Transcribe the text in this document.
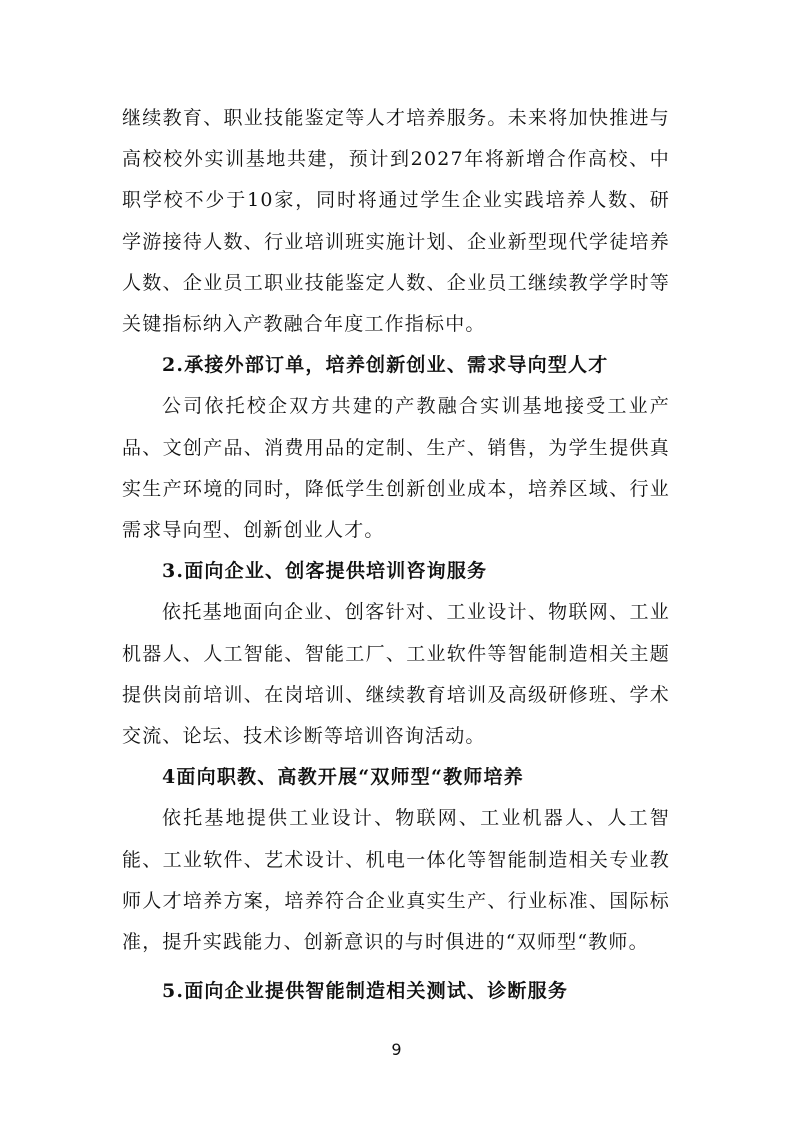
继续教育、职业技能鉴定等人才培养服务。未来将加快推进与高校校外实训基地共建，预计到2027年将新增合作高校、中职学校不少于10家，同时将通过学生企业实践培养人数、研学游接待人数、行业培训班实施计划、企业新型现代学徒培养人数、企业员工职业技能鉴定人数、企业员工继续教学学时等关键指标纳入产教融合年度工作指标中。

2.承接外部订单，培养创新创业、需求导向型人才

公司依托校企双方共建的产教融合实训基地接受工业产品、文创产品、消费用品的定制、生产、销售，为学生提供真实生产环境的同时，降低学生创新创业成本，培养区域、行业需求导向型、创新创业人才。

3.面向企业、创客提供培训咨询服务

依托基地面向企业、创客针对、工业设计、物联网、工业机器人、人工智能、智能工厂、工业软件等智能制造相关主题提供岗前培训、在岗培训、继续教育培训及高级研修班、学术交流、论坛、技术诊断等培训咨询活动。

4面向职教、高教开展“双师型“教师培养

依托基地提供工业设计、物联网、工业机器人、人工智能、工业软件、艺术设计、机电一体化等智能制造相关专业教师人才培养方案，培养符合企业真实生产、行业标准、国际标准，提升实践能力、创新意识的与时俱进的“双师型“教师。

5.面向企业提供智能制造相关测试、诊断服务

9
